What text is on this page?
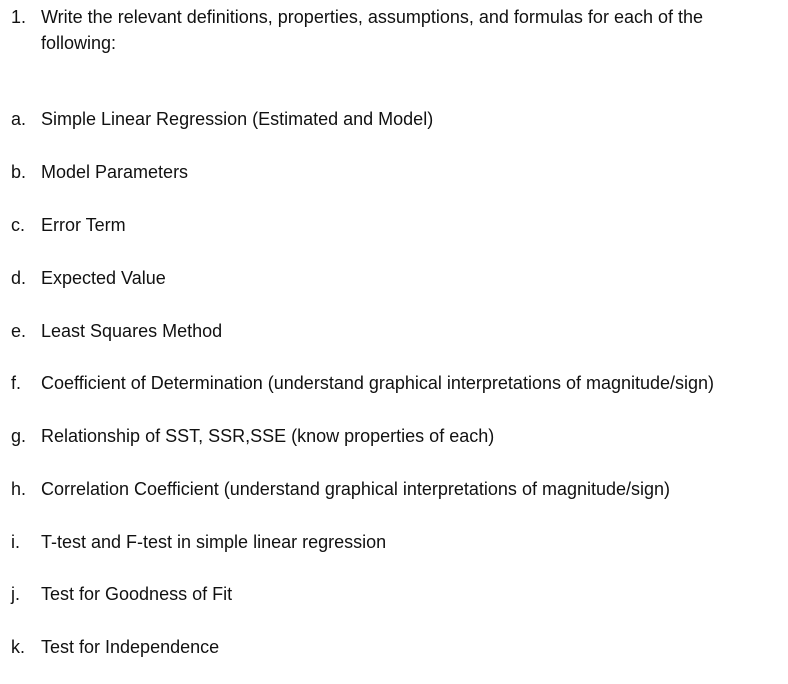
1. Write the relevant definitions, properties, assumptions, and formulas for each of the following:
a. Simple Linear Regression (Estimated and Model)
b. Model Parameters
c. Error Term
d. Expected Value
e. Least Squares Method
f. Coefficient of Determination (understand graphical interpretations of magnitude/sign)
g. Relationship of SST, SSR,SSE (know properties of each)
h. Correlation Coefficient (understand graphical interpretations of magnitude/sign)
i. T-test and F-test in simple linear regression
j. Test for Goodness of Fit
k. Test for Independence
